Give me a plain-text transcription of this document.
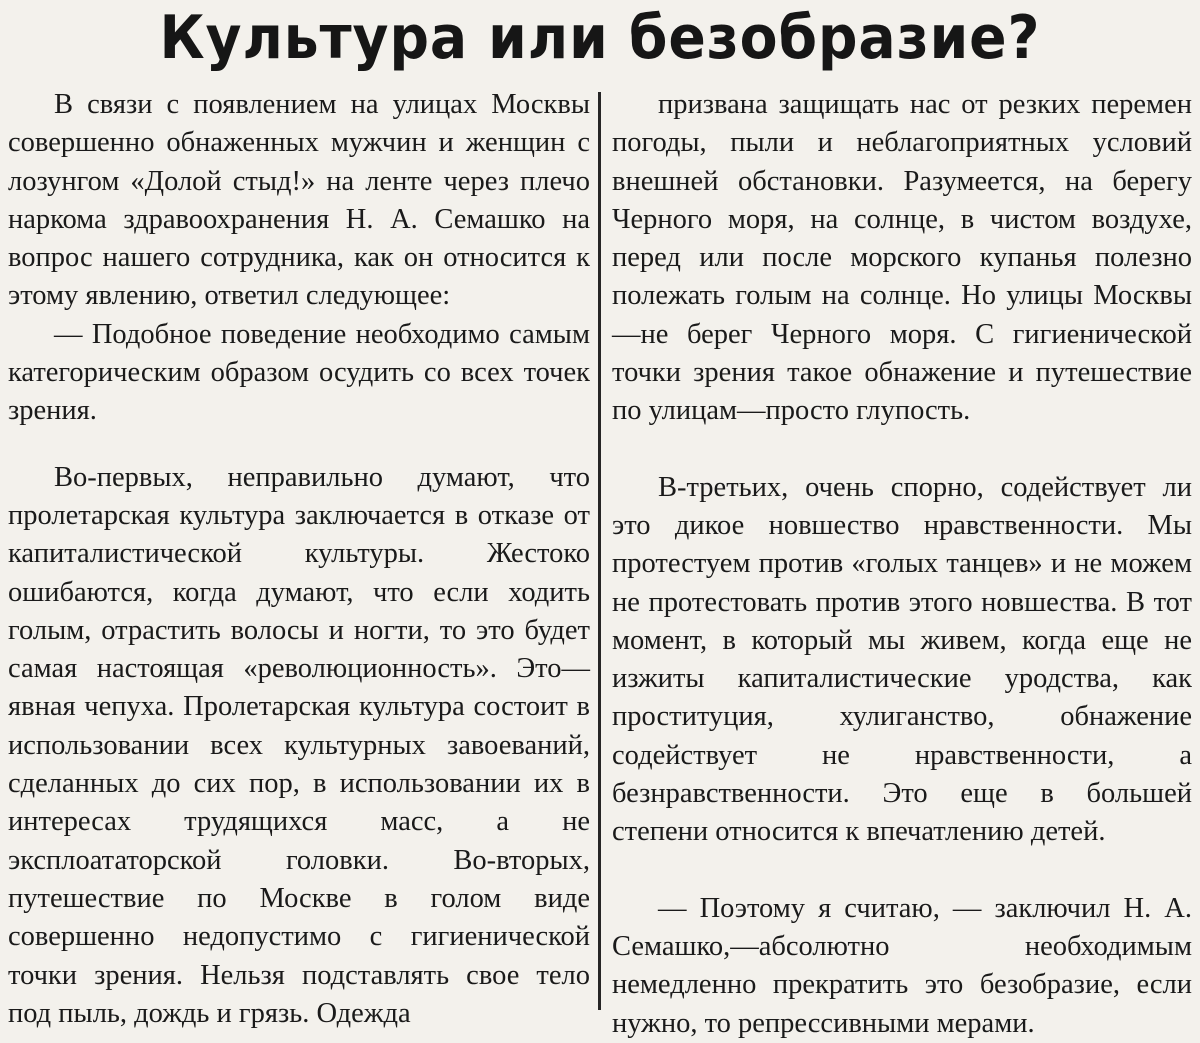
Культура или безобразие?

В связи с появлением на улицах Москвы совершенно обнаженных мужчин и женщин с лозунгом «Долой стыд!» на ленте через плечо наркома здравоохранения Н. А. Семашко на вопрос нашего сотрудника, как он относится к этому явлению, ответил следующее:

— Подобное поведение необходимо самым категорическим образом осудить со всех точек зрения.

Во-первых, неправильно думают, что пролетарская культура заключается в отказе от капиталистической культуры. Жестоко ошибаются, когда думают, что если ходить голым, отрастить волосы и ногти, то это будет самая настоящая «революционность». Это—явная чепуха. Пролетарская культура состоит в использовании всех культурных завоеваний, сделанных до сих пор, в использовании их в интересах трудящихся масс, а не эксплоататорской головки. Во-вторых, путешествие по Москве в голом виде совершенно недопустимо с гигиенической точки зрения. Нельзя подставлять свое тело под пыль, дождь и грязь. Одежда

призвана защищать нас от резких перемен погоды, пыли и неблагоприятных условий внешней обстановки. Разумеется, на берегу Черного моря, на солнце, в чистом воздухе, перед или после морского купанья полезно полежать голым на солнце. Но улицы Москвы—не берег Черного моря. С гигиенической точки зрения такое обнажение и путешествие по улицам—просто глупость.

В-третьих, очень спорно, содействует ли это дикое новшество нравственности. Мы протестуем против «голых танцев» и не можем не протестовать против этого новшества. В тот момент, в который мы живем, когда еще не изжиты капиталистические уродства, как проституция, хулиганство, обнажение содействует не нравственности, а безнравственности. Это еще в большей степени относится к впечатлению детей.

— Поэтому я считаю, — заключил Н. А. Семашко,—абсолютно необходимым немедленно прекратить это безобразие, если нужно, то репрессивными мерами.
